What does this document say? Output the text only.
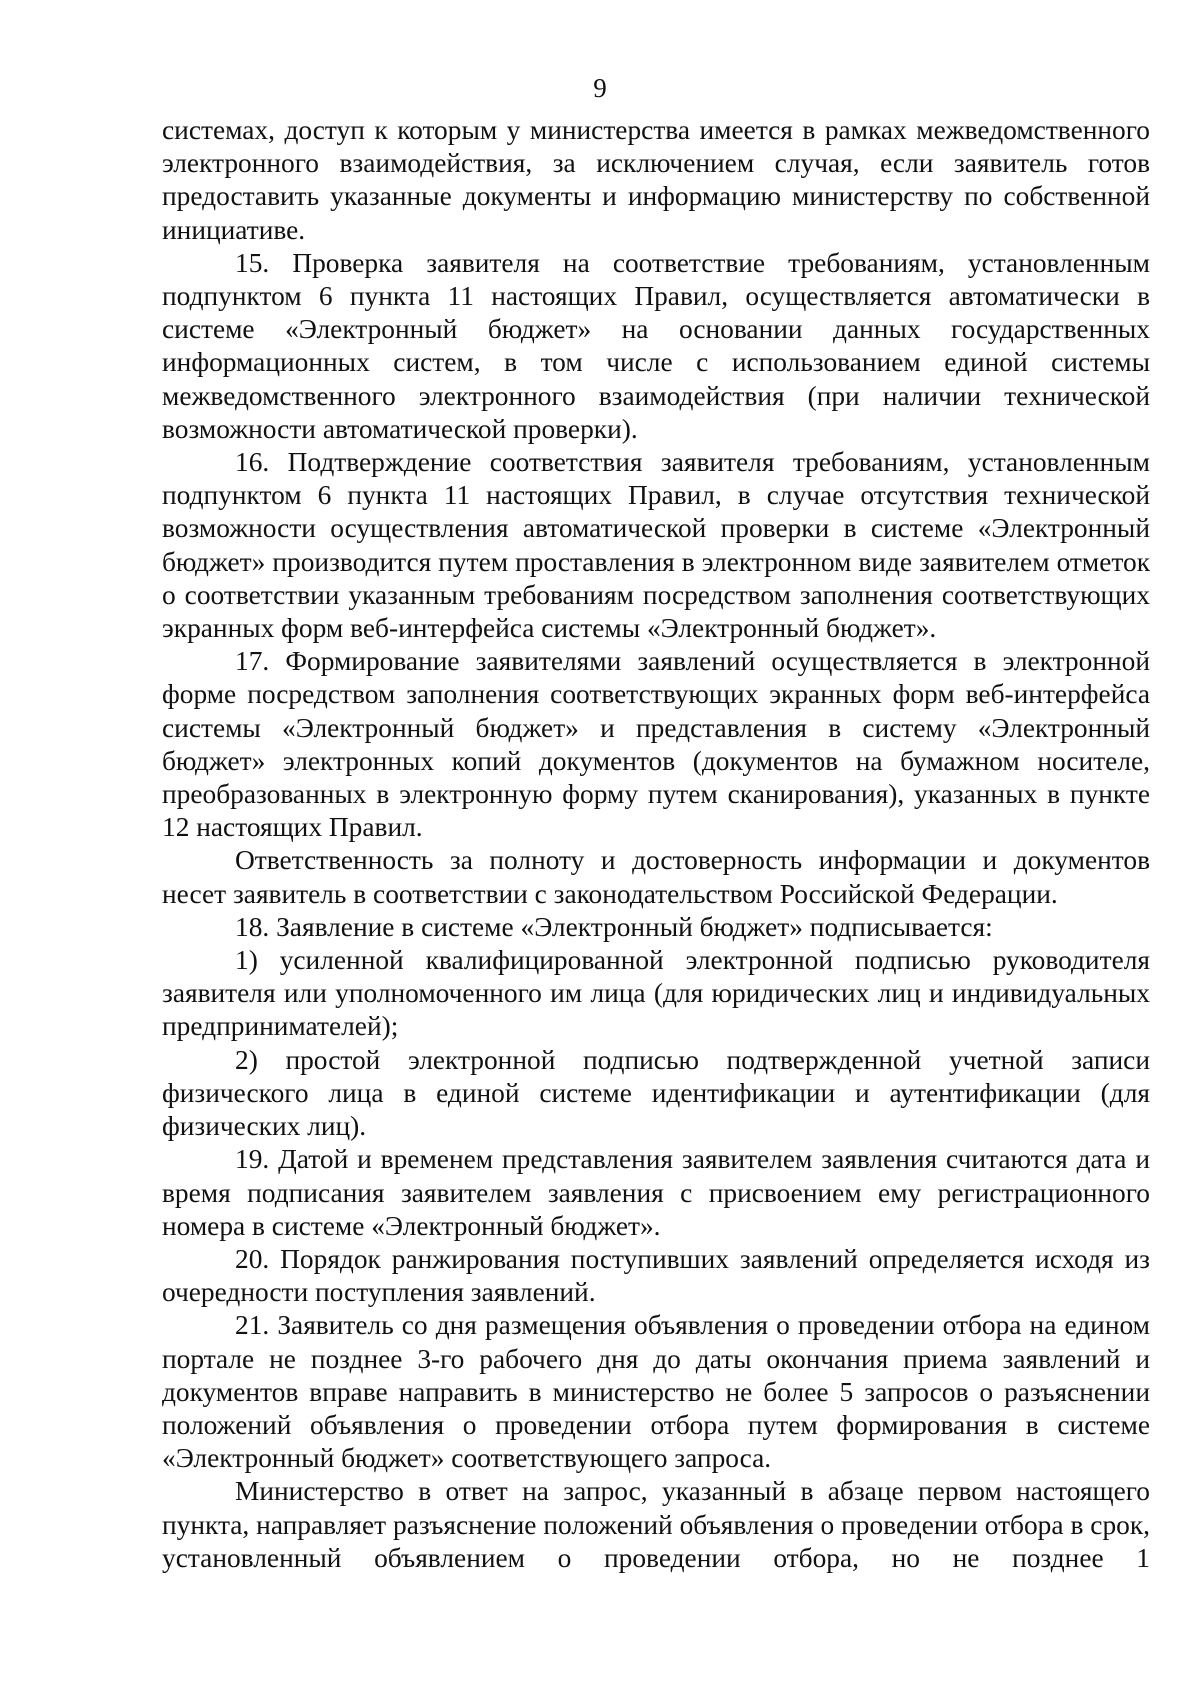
9

системах, доступ к которым у министерства имеется в рамках межведомственного электронного взаимодействия, за исключением случая, если заявитель готов предоставить указанные документы и информацию министерству по собственной инициативе.

15. Проверка заявителя на соответствие требованиям, установленным подпунктом 6 пункта 11 настоящих Правил, осуществляется автоматически в системе «Электронный бюджет» на основании данных государственных информационных систем, в том числе с использованием единой системы межведомственного электронного взаимодействия (при наличии технической возможности автоматической проверки).

16. Подтверждение соответствия заявителя требованиям, установленным подпунктом 6 пункта 11 настоящих Правил, в случае отсутствия технической возможности осуществления автоматической проверки в системе «Электронный бюджет» производится путем проставления в электронном виде заявителем отметок о соответствии указанным требованиям посредством заполнения соответствующих экранных форм веб-интерфейса системы «Электронный бюджет».

17. Формирование заявителями заявлений осуществляется в электронной форме посредством заполнения соответствующих экранных форм веб-интерфейса системы «Электронный бюджет» и представления в систему «Электронный бюджет» электронных копий документов (документов на бумажном носителе, преобразованных в электронную форму путем сканирования), указанных в пункте 12 настоящих Правил.

Ответственность за полноту и достоверность информации и документов несет заявитель в соответствии с законодательством Российской Федерации.

18. Заявление в системе «Электронный бюджет» подписывается:

1) усиленной квалифицированной электронной подписью руководителя заявителя или уполномоченного им лица (для юридических лиц и индивидуальных предпринимателей);

2) простой электронной подписью подтвержденной учетной записи физического лица в единой системе идентификации и аутентификации (для физических лиц).

19. Датой и временем представления заявителем заявления считаются дата и время подписания заявителем заявления с присвоением ему регистрационного номера в системе «Электронный бюджет».

20. Порядок ранжирования поступивших заявлений определяется исходя из очередности поступления заявлений.

21. Заявитель со дня размещения объявления о проведении отбора на едином портале не позднее 3-го рабочего дня до даты окончания приема заявлений и документов вправе направить в министерство не более 5 запросов о разъяснении положений объявления о проведении отбора путем формирования в системе «Электронный бюджет» соответствующего запроса.

Министерство в ответ на запрос, указанный в абзаце первом настоящего пункта, направляет разъяснение положений объявления о проведении отбора в срок, установленный объявлением о проведении отбора, но не позднее 1
